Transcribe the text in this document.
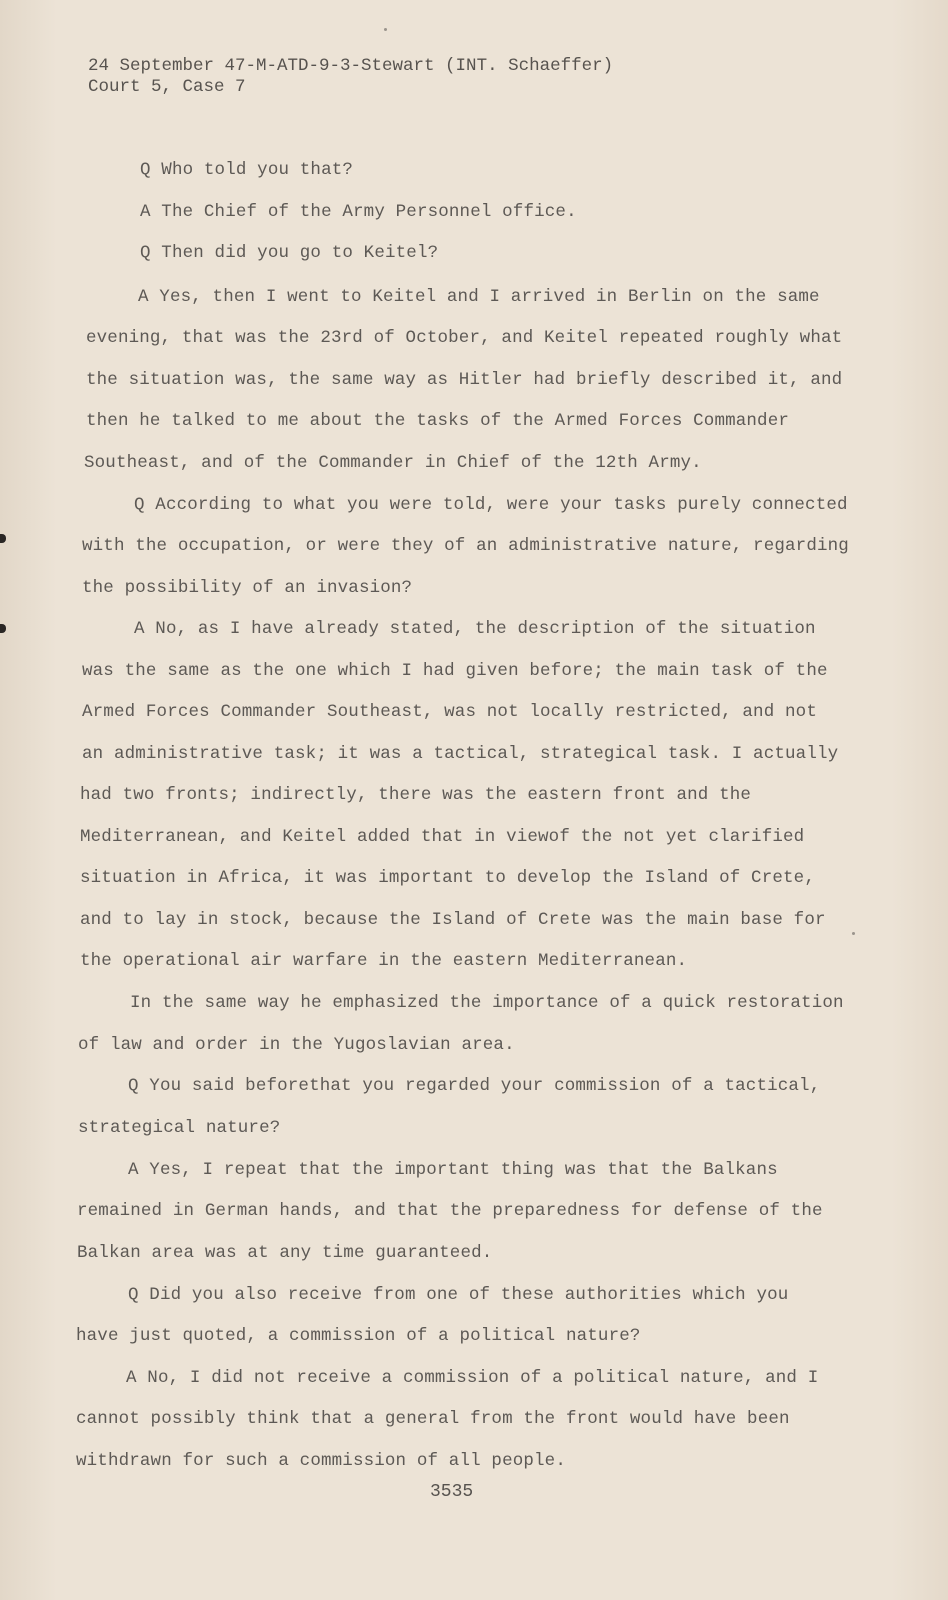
24 September 47-M-ATD-9-3-Stewart (INT. Schaeffer)
Court 5, Case 7
Q Who told you that?
A The Chief of the Army Personnel office.
Q Then did you go to Keitel?
A Yes, then I went to Keitel and I arrived in Berlin on the same
evening, that was the 23rd of October, and Keitel repeated roughly what
the situation was, the same way as Hitler had briefly described it, and
then he talked to me about the tasks of the Armed Forces Commander
Southeast, and of the Commander in Chief of the 12th Army.
Q According to what you were told, were your tasks purely connected
with the occupation, or were they of an administrative nature, regarding
the possibility of an invasion?
A No, as I have already stated, the description of the situation
was the same as the one which I had given before; the main task of the
Armed Forces Commander Southeast, was not locally restricted, and not
an administrative task; it was a tactical, strategical task. I actually
had two fronts; indirectly, there was the eastern front and the
Mediterranean, and Keitel added that in viewof the not yet clarified
situation in Africa, it was important to develop the Island of Crete,
and to lay in stock, because the Island of Crete was the main base for
the operational air warfare in the eastern Mediterranean.
In the same way he emphasized the importance of a quick restoration
of law and order in the Yugoslavian area.
Q You said beforethat you regarded your commission of a tactical,
strategical nature?
A Yes, I repeat that the important thing was that the Balkans
remained in German hands, and that the preparedness for defense of the
Balkan area was at any time guaranteed.
Q Did you also receive from one of these authorities which you
have just quoted, a commission of a political nature?
A No, I did not receive a commission of a political nature, and I
cannot possibly think that a general from the front would have been
withdrawn for such a commission of all people.
3535
